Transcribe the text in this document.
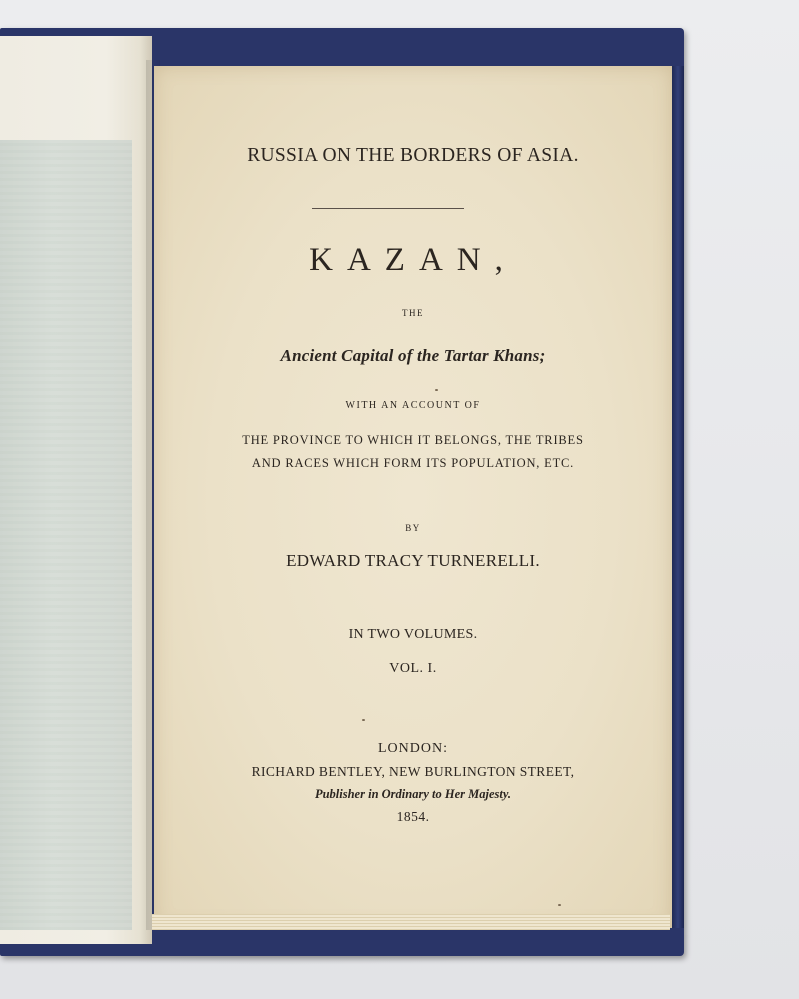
RUSSIA ON THE BORDERS OF ASIA.
KAZAN,
THE
Ancient Capital of the Tartar Khans;
WITH AN ACCOUNT OF
THE PROVINCE TO WHICH IT BELONGS, THE TRIBES
AND RACES WHICH FORM ITS POPULATION, ETC.
BY
EDWARD TRACY TURNERELLI.
IN TWO VOLUMES.
VOL. I.
LONDON:
RICHARD BENTLEY, NEW BURLINGTON STREET,
Publisher in Ordinary to Her Majesty.
1854.
